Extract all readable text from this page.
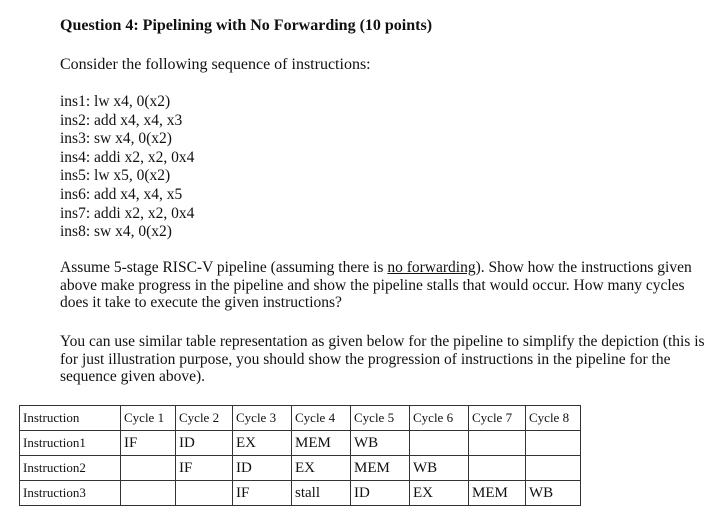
Question 4: Pipelining with No Forwarding (10 points)
Consider the following sequence of instructions:
ins1: lw x4, 0(x2)
ins2: add x4, x4, x3
ins3: sw x4, 0(x2)
ins4: addi x2, x2, 0x4
ins5: lw x5, 0(x2)
ins6: add x4, x4, x5
ins7: addi x2, x2, 0x4
ins8: sw x4, 0(x2)

Assume 5-stage RISC-V pipeline (assuming there is no forwarding). Show how the instructions given above make progress in the pipeline and show the pipeline stalls that would occur. How many cycles does it take to execute the given instructions?

You can use similar table representation as given below for the pipeline to simplify the depiction (this is for just illustration purpose, you should show the progression of instructions in the pipeline for the sequence given above).

Instruction	Cycle 1	Cycle 2	Cycle 3	Cycle 4	Cycle 5	Cycle 6	Cycle 7	Cycle 8
Instruction1	IF	ID	EX	MEM	WB			
Instruction2		IF	ID	EX	MEM	WB		
Instruction3			IF	stall	ID	EX	MEM	WB
